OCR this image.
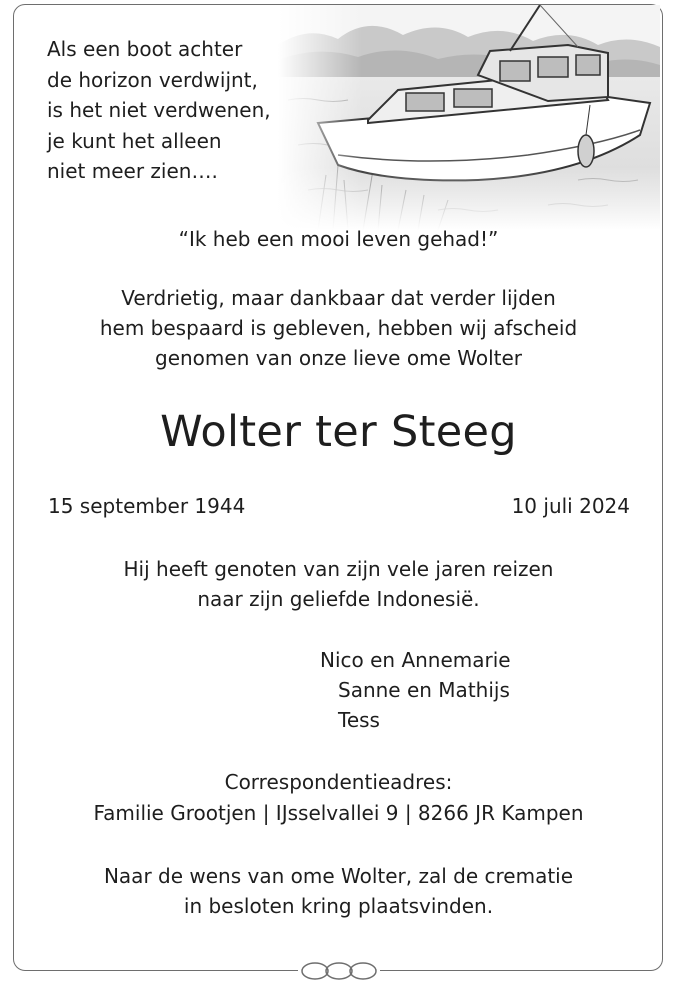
Als een boot achter
de horizon verdwijnt,
is het niet verdwenen,
je kunt het alleen
niet meer zien….
“Ik heb een mooi leven gehad!”
Verdrietig, maar dankbaar dat verder lijden
hem bespaard is gebleven, hebben wij afscheid
genomen van onze lieve ome Wolter
Wolter ter Steeg
15 september 1944	10 juli 2024
Hij heeft genoten van zijn vele jaren reizen
naar zijn geliefde Indonesië.
Nico en Annemarie
Sanne en Mathijs
Tess
Correspondentieadres:
Familie Grootjen | IJsselvallei 9 | 8266 JR Kampen
Naar de wens van ome Wolter, zal de crematie
in besloten kring plaatsvinden.
